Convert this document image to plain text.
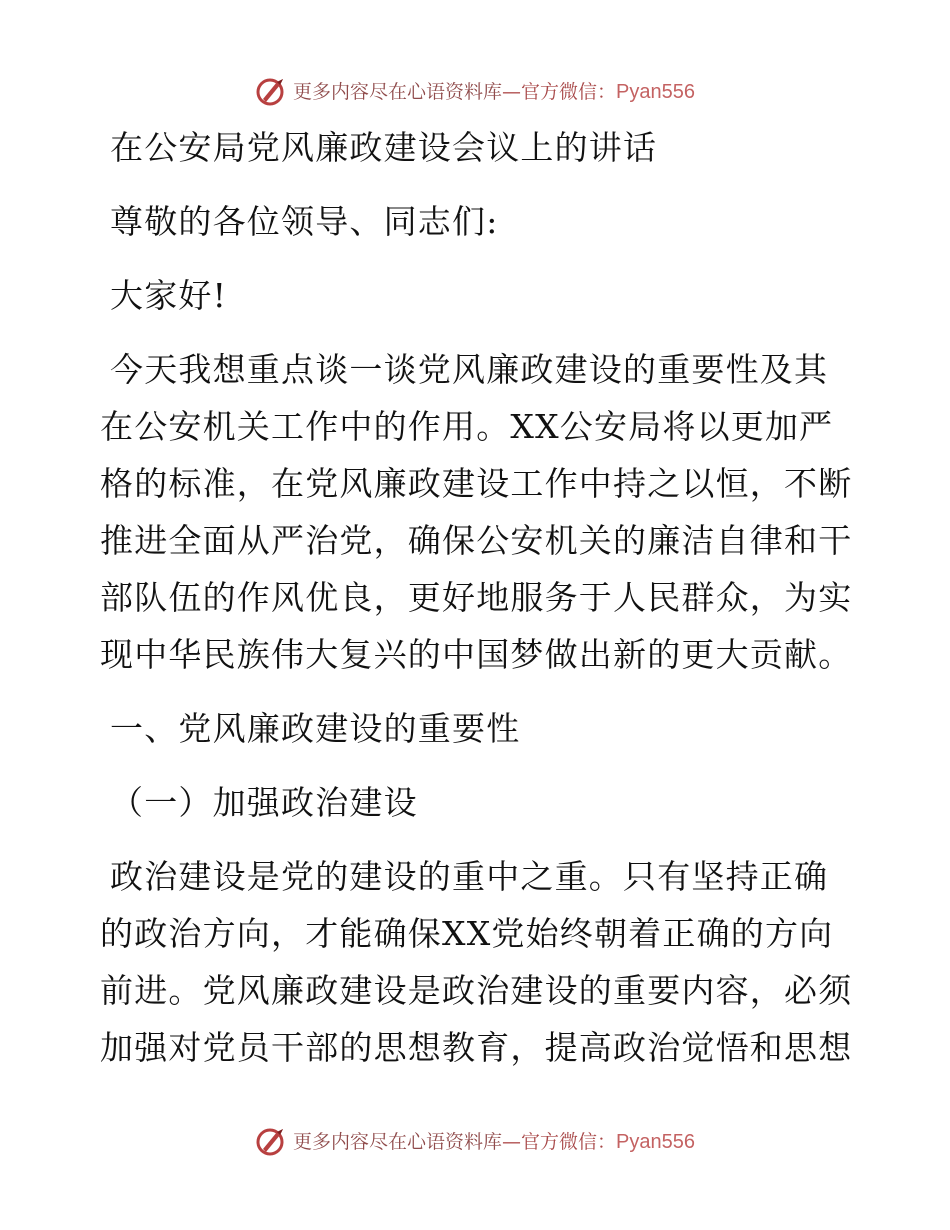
更多内容尽在心语资料库—官方微信：Pyan556

在公安局党风廉政建设会议上的讲话

尊敬的各位领导、同志们:

大家好!

今天我想重点谈一谈党风廉政建设的重要性及其在公安机关工作中的作用。XX公安局将以更加严格的标准，在党风廉政建设工作中持之以恒，不断推进全面从严治党，确保公安机关的廉洁自律和干部队伍的作风优良，更好地服务于人民群众，为实现中华民族伟大复兴的中国梦做出新的更大贡献。

一、党风廉政建设的重要性

（一）加强政治建设

政治建设是党的建设的重中之重。只有坚持正确的政治方向，才能确保XX党始终朝着正确的方向前进。党风廉政建设是政治建设的重要内容，必须加强对党员干部的思想教育，提高政治觉悟和思想

更多内容尽在心语资料库—官方微信：Pyan556
